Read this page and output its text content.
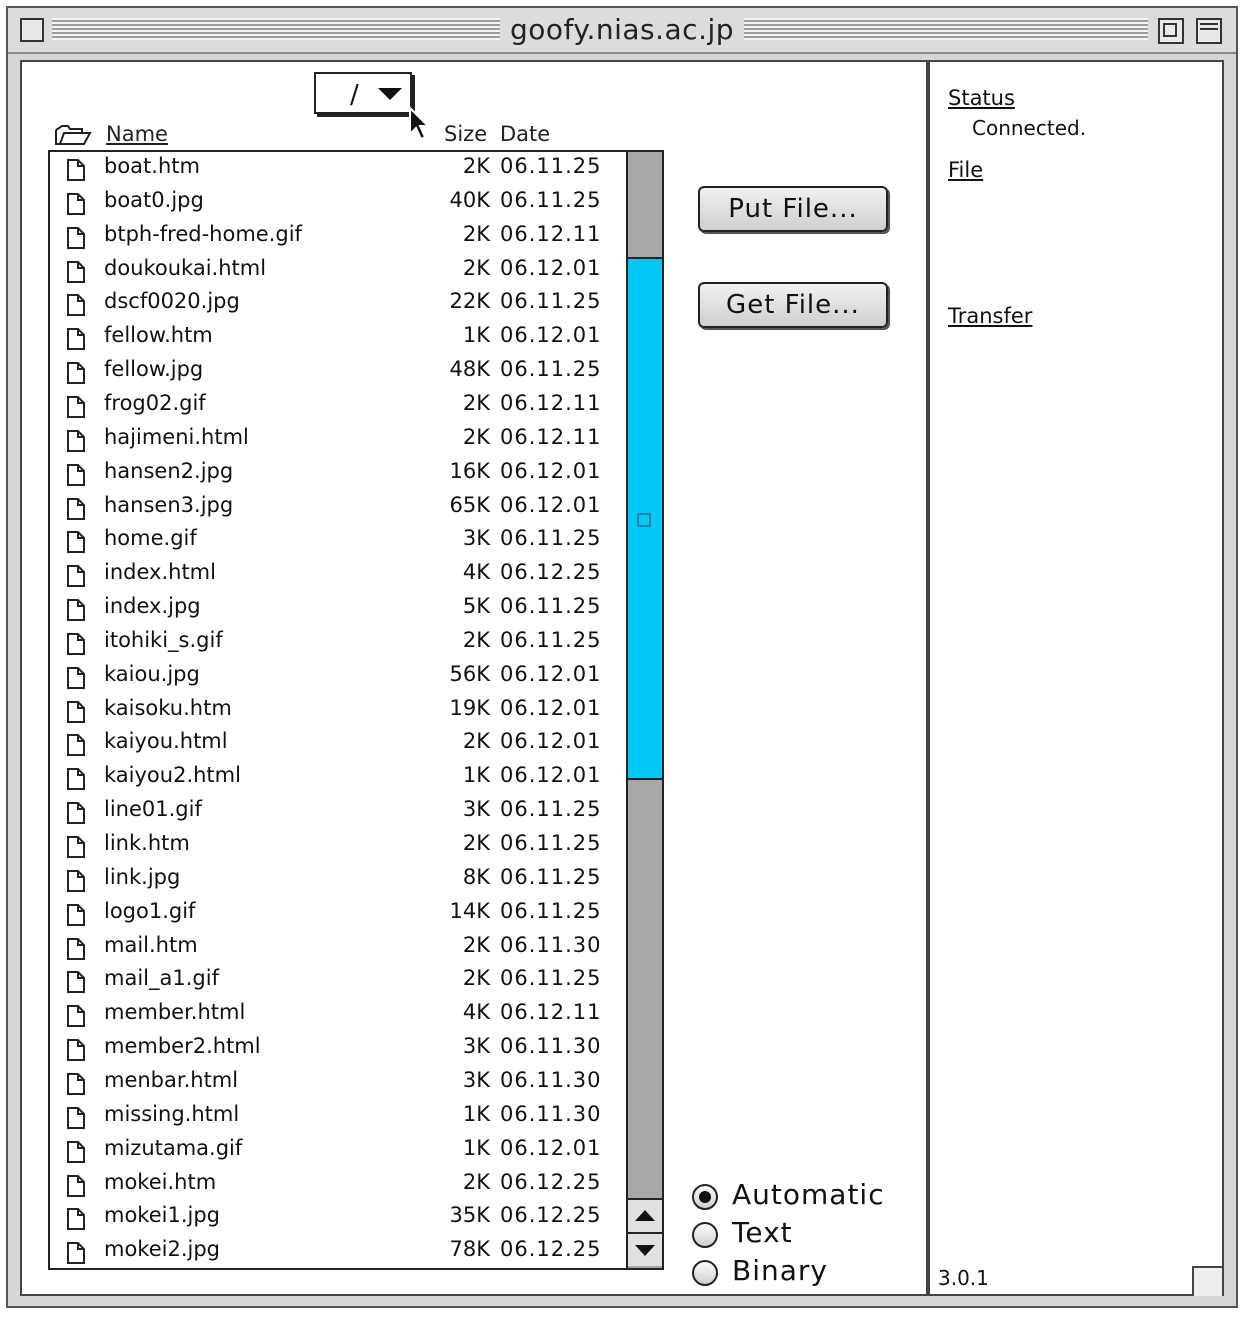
goofy.nias.ac.jp
/
Name	Size Date
boat.htm	2K 06.11.25
boat0.jpg	40K 06.11.25
btph-fred-home.gif	2K 06.12.11
doukoukai.html	2K 06.12.01
dscf0020.jpg	22K 06.11.25
fellow.htm	1K 06.12.01
fellow.jpg	48K 06.11.25
frog02.gif	2K 06.12.11
hajimeni.html	2K 06.12.11
hansen2.jpg	16K 06.12.01
hansen3.jpg	65K 06.12.01
home.gif	3K 06.11.25
index.html	4K 06.12.25
index.jpg	5K 06.11.25
itohiki_s.gif	2K 06.11.25
kaiou.jpg	56K 06.12.01
kaisoku.htm	19K 06.12.01
kaiyou.html	2K 06.12.01
kaiyou2.html	1K 06.12.01
line01.gif	3K 06.11.25
link.htm	2K 06.11.25
link.jpg	8K 06.11.25
logo1.gif	14K 06.11.25
mail.htm	2K 06.11.30
mail_a1.gif	2K 06.11.25
member.html	4K 06.12.11
member2.html	3K 06.11.30
menbar.html	3K 06.11.30
missing.html	1K 06.11.30
mizutama.gif	1K 06.12.01
mokei.htm	2K 06.12.25
mokei1.jpg	35K 06.12.25
mokei2.jpg	78K 06.12.25
Put File...
Get File...
Automatic
Text
Binary
Status
Connected.
File
Transfer
3.0.1
